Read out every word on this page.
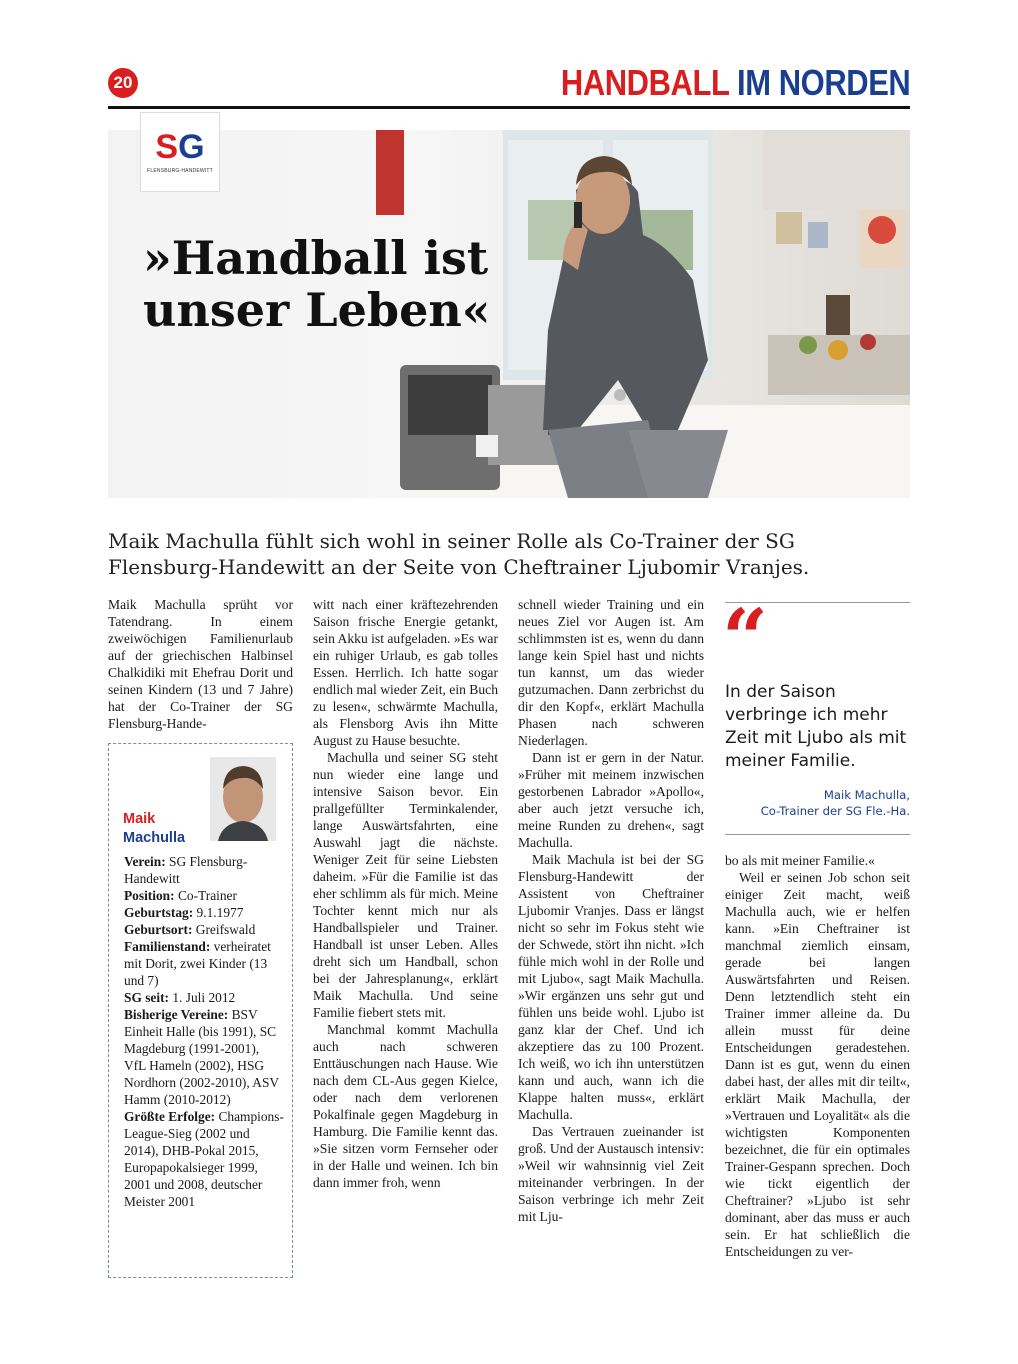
20	HANDBALL IM NORDEN
SG
FLENSBURG-HANDEWITT
»Handball ist
unser Leben«

Maik Machulla fühlt sich wohl in seiner Rolle als Co-Trainer der SG Flensburg-Handewitt an der Seite von Cheftrainer Ljubomir Vranjes.

Maik Machulla sprüht vor Tatendrang. In einem zweiwöchigen Familienurlaub auf der griechischen Halbinsel Chalkidiki mit Ehefrau Dorit und seinen Kindern (13 und 7 Jahre) hat der Co-Trainer der SG Flensburg-Hande-

Maik
Machulla
Verein: SG Flensburg-Handewitt
Position: Co-Trainer
Geburtstag: 9.1.1977
Geburtsort: Greifswald
Familienstand: verheiratet mit Dorit, zwei Kinder (13 und 7)
SG seit: 1. Juli 2012
Bisherige Vereine: BSV Einheit Halle (bis 1991), SC Magdeburg (1991-2001), VfL Hameln (2002), HSG Nordhorn (2002-2010), ASV Hamm (2010-2012)
Größte Erfolge: Champions-League-Sieg (2002 und 2014), DHB-Pokal 2015, Europapokalsieger 1999, 2001 und 2008, deutscher Meister 2001

witt nach einer kräftezehrenden Saison frische Energie getankt, sein Akku ist aufgeladen. »Es war ein ruhiger Urlaub, es gab tolles Essen. Herrlich. Ich hatte sogar endlich mal wieder Zeit, ein Buch zu lesen«, schwärmte Machulla, als Flensborg Avis ihn Mitte August zu Hause besuchte.

Machulla und seiner SG steht nun wieder eine lange und intensive Saison bevor. Ein prallgefüllter Terminkalender, lange Auswärtsfahrten, eine Auswahl jagt die nächste. Weniger Zeit für seine Liebsten daheim. »Für die Familie ist das eher schlimm als für mich. Meine Tochter kennt mich nur als Handballspieler und Trainer. Handball ist unser Leben. Alles dreht sich um Handball, schon bei der Jahresplanung«, erklärt Maik Machulla. Und seine Familie fiebert stets mit.

Manchmal kommt Machulla auch nach schweren Enttäuschungen nach Hause. Wie nach dem CL-Aus gegen Kielce, oder nach dem verlorenen Pokalfinale gegen Magdeburg in Hamburg. Die Familie kennt das. »Sie sitzen vorm Fernseher oder in der Halle und weinen. Ich bin dann immer froh, wenn

schnell wieder Training und ein neues Ziel vor Augen ist. Am schlimmsten ist es, wenn du dann lange kein Spiel hast und nichts tun kannst, um das wieder gutzumachen. Dann zerbrichst du dir den Kopf«, erklärt Machulla Phasen nach schweren Niederlagen.

Dann ist er gern in der Natur. »Früher mit meinem inzwischen gestorbenen Labrador »Apollo«, aber auch jetzt versuche ich, meine Runden zu drehen«, sagt Machulla.

Maik Machula ist bei der SG Flensburg-Handewitt der Assistent von Cheftrainer Ljubomir Vranjes. Dass er längst nicht so sehr im Fokus steht wie der Schwede, stört ihn nicht. »Ich fühle mich wohl in der Rolle und mit Ljubo«, sagt Maik Machulla. »Wir ergänzen uns sehr gut und fühlen uns beide wohl. Ljubo ist ganz klar der Chef. Und ich akzeptiere das zu 100 Prozent. Ich weiß, wo ich ihn unterstützen kann und auch, wann ich die Klappe halten muss«, erklärt Machulla.

Das Vertrauen zueinander ist groß. Und der Austausch intensiv: »Weil wir wahnsinnig viel Zeit miteinander verbringen. In der Saison verbringe ich mehr Zeit mit Lju-

“

In der Saison verbringe ich mehr Zeit mit Ljubo als mit meiner Familie.

Maik Machulla,
Co-Trainer der SG Fle.-Ha.

bo als mit meiner Familie.«

Weil er seinen Job schon seit einiger Zeit macht, weiß Machulla auch, wie er helfen kann. »Ein Cheftrainer ist manchmal ziemlich einsam, gerade bei langen Auswärtsfahrten und Reisen. Denn letztendlich steht ein Trainer immer alleine da. Du allein musst für deine Entscheidungen geradestehen. Dann ist es gut, wenn du einen dabei hast, der alles mit dir teilt«, erklärt Maik Machulla, der »Vertrauen und Loyalität« als die wichtigsten Komponenten bezeichnet, die für ein optimales Trainer-Gespann sprechen. Doch wie tickt eigentlich der Cheftrainer? »Ljubo ist sehr dominant, aber das muss er auch sein. Er hat schließlich die Entscheidungen zu ver-
